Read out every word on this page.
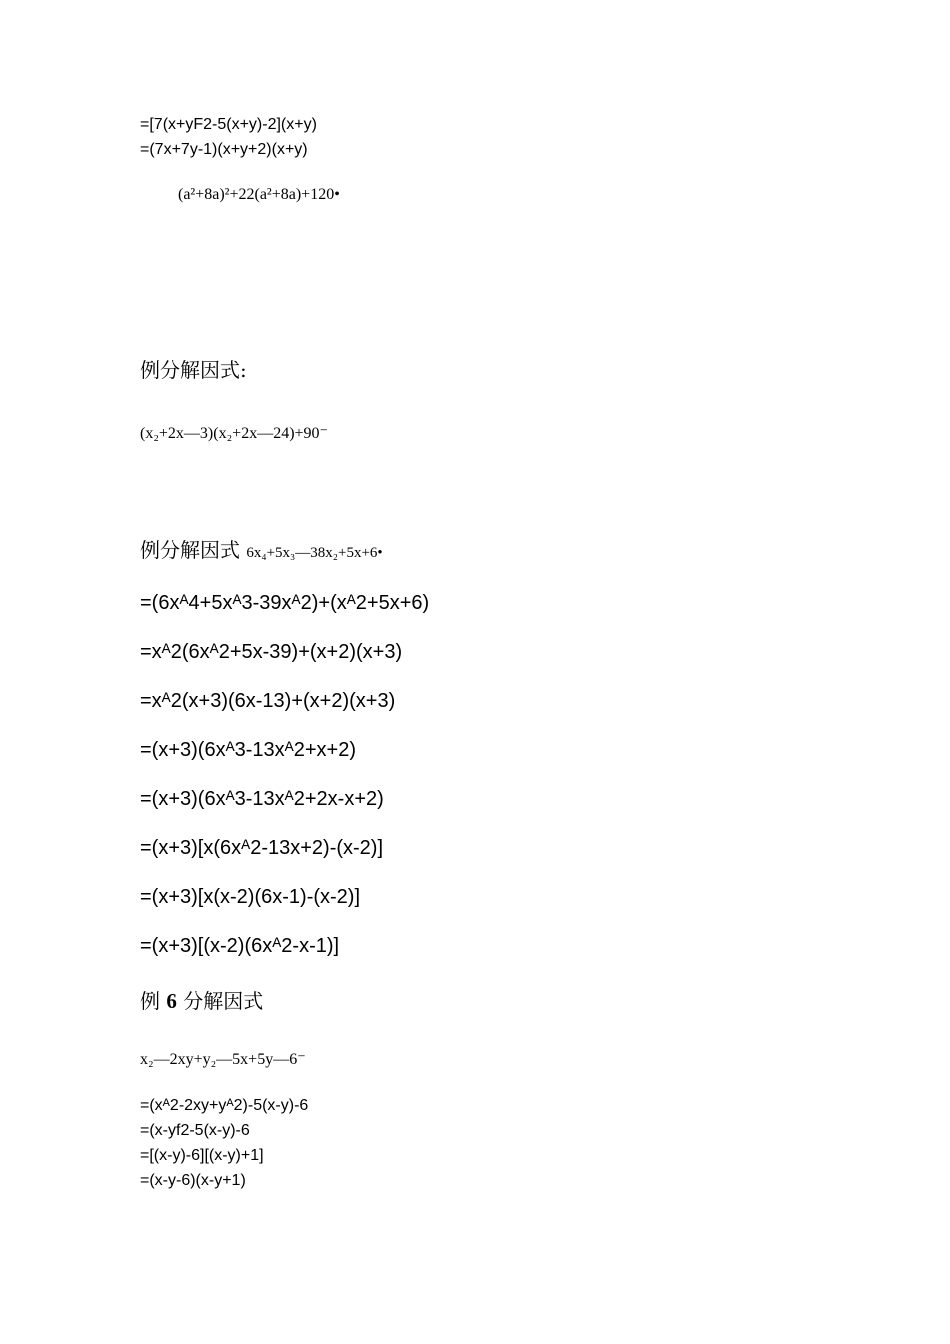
=[7(x+yF2-5(x+y)-2](x+y)
=(7x+7y-1)(x+y+2)(x+y)
(a²+8a)²+22(a²+8a)+120•
例分解因式:
(x₂+2x—3)(x₂+2x—24)+90⁻
例分解因式 6x₄+5x₃—38x₂+5x+6•
=(6xᴬ4+5xᴬ3-39xᴬ2)+(xᴬ2+5x+6)
=xᴬ2(6xᴬ2+5x-39)+(x+2)(x+3)
=xᴬ2(x+3)(6x-13)+(x+2)(x+3)
=(x+3)(6xᴬ3-13xᴬ2+x+2)
=(x+3)(6xᴬ3-13xᴬ2+2x-x+2)
=(x+3)[x(6xᴬ2-13x+2)-(x-2)]
=(x+3)[x(x-2)(6x-1)-(x-2)]
=(x+3)[(x-2)(6xᴬ2-x-1)]
例 6 分解因式
x₂—2xy+y₂—5x+5y—6⁻
=(xᴬ2-2xy+yᴬ2)-5(x-y)-6
=(x-yf2-5(x-y)-6
=[(x-y)-6][(x-y)+1]
=(x-y-6)(x-y+1)
